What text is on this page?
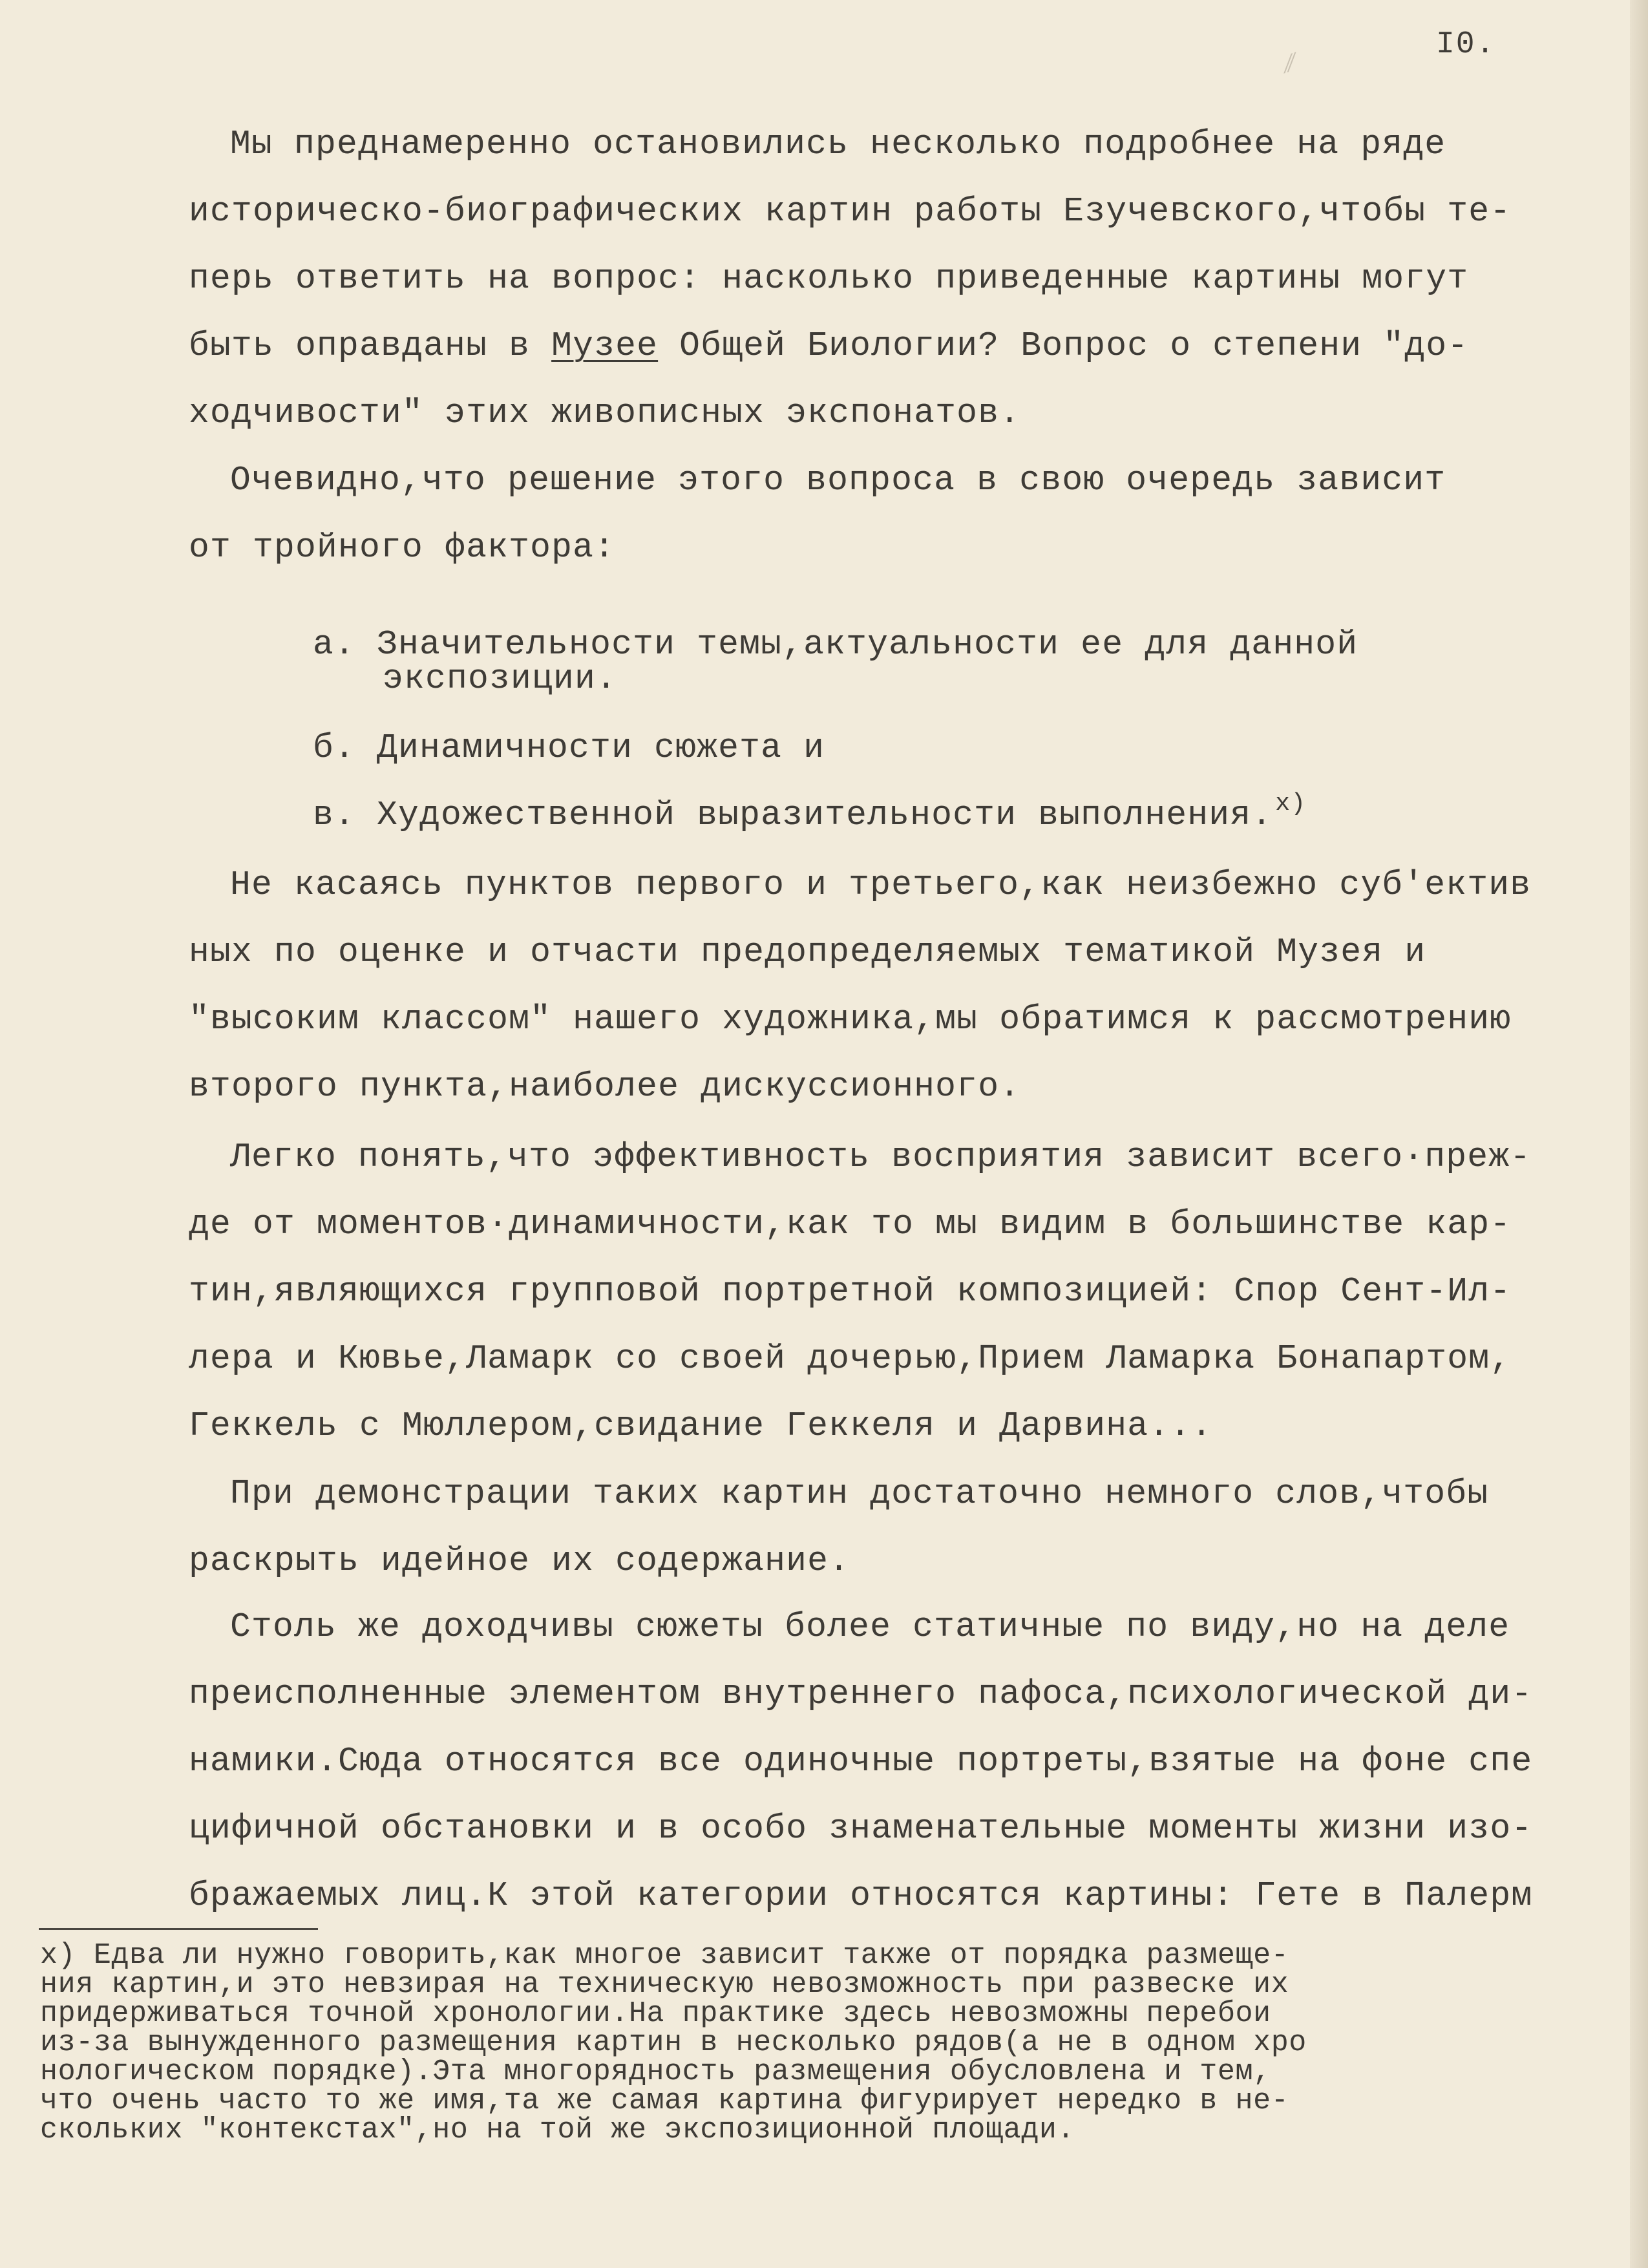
I0.
⁄⁄
Мы преднамеренно остановились несколько подробнее на ряде
историческо-биографических картин работы Езучевского,чтобы те-
перь ответить на вопрос: насколько приведенные картины могут
быть оправданы в Музее Общей Биологии? Вопрос о степени "до-
ходчивости" этих живописных экспонатов.
Очевидно,что решение этого вопроса в свою очередь зависит
от тройного фактора:
а. Значительности темы,актуальности ее для данной
экспозиции.
б. Динамичности сюжета и
в. Художественной выразительности выполнения. $^{x)}$
Не касаясь пунктов первого и третьего,как неизбежно суб'ектив
ных по оценке и отчасти предопределяемых тематикой Музея и
"высоким классом" нашего художника,мы обратимся к рассмотрению
второго пункта,наиболее дискуссионного.
Легко понять,что эффективность восприятия зависит всего·преж-
де от моментов·динамичности,как то мы видим в большинстве кар-
тин,являющихся групповой портретной композицией: Спор Сент-Ил-
лера и Кювье,Ламарк со своей дочерью,Прием Ламарка Бонапартом,
Геккель с Мюллером,свидание Геккеля и Дарвина...
При демонстрации таких картин достаточно немного слов,чтобы
раскрыть идейное их содержание.
Столь же доходчивы сюжеты более статичные по виду,но на деле
преисполненные элементом внутреннего пафоса,психологической ди-
намики.Сюда относятся все одиночные портреты,взятые на фоне спе
цифичной обстановки и в особо знаменательные моменты жизни изо-
бражаемых лиц.К этой категории относятся картины: Гете в Палерм
x) Едва ли нужно говорить,как многое зависит также от порядка размеще-
ния картин,и это невзирая на техническую невозможность при развеске их
придерживаться точной хронологии.На практике здесь невозможны перебои
из-за вынужденного размещения картин в несколько рядов(а не в одном хро
нологическом порядке).Эта многорядность размещения обусловлена и тем,
что очень часто то же имя,та же самая картина фигурирует нередко в не-
скольких "контекстах",но на той же экспозиционной площади.
